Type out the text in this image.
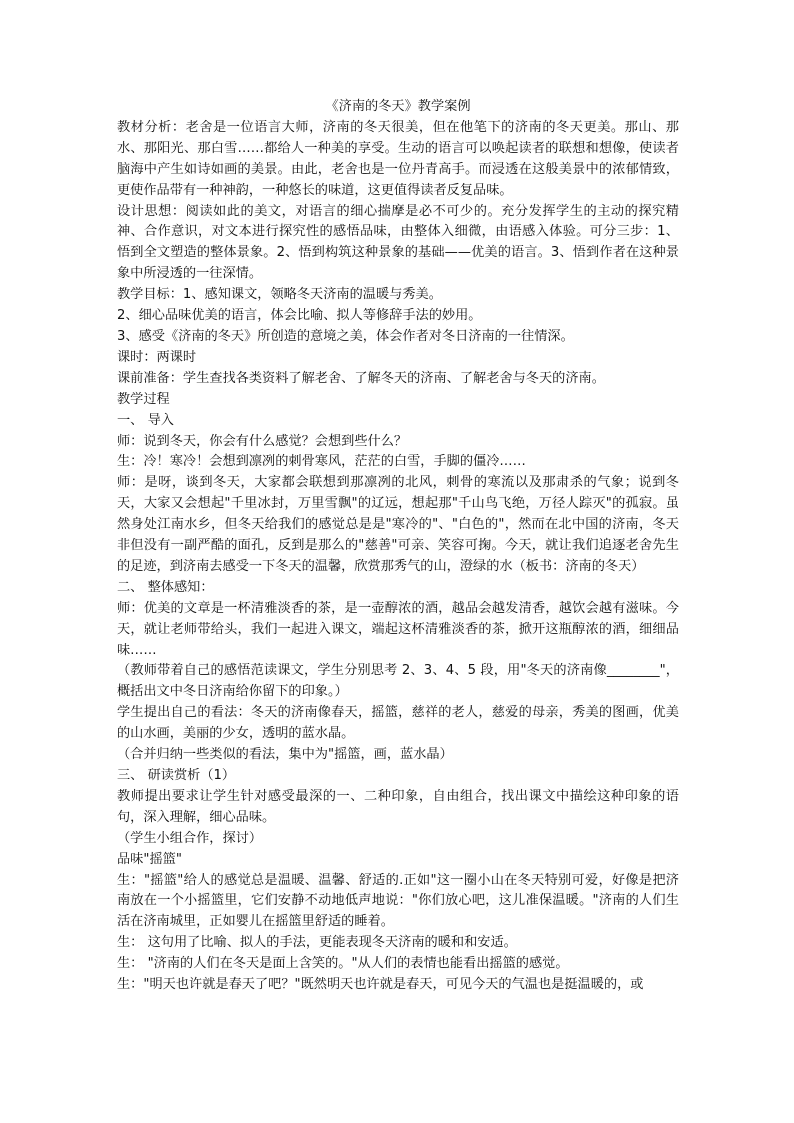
《济南的冬天》教学案例

教材分析：老舍是一位语言大师，济南的冬天很美，但在他笔下的济南的冬天更美。那山、那水、那阳光、那白雪……都给人一种美的享受。生动的语言可以唤起读者的联想和想像，使读者脑海中产生如诗如画的美景。由此，老舍也是一位丹青高手。而浸透在这般美景中的浓郁情致，更使作品带有一种神韵，一种悠长的味道，这更值得读者反复品味。

设计思想：阅读如此的美文，对语言的细心揣摩是必不可少的。充分发挥学生的主动的探究精神、合作意识，对文本进行探究性的感悟品味，由整体入细微，由语感入体验。可分三步：1、悟到全文塑造的整体景象。2、悟到构筑这种景象的基础——优美的语言。3、悟到作者在这种景象中所浸透的一往深情。

教学目标：1、感知课文，领略冬天济南的温暖与秀美。

2、细心品味优美的语言，体会比喻、拟人等修辞手法的妙用。

3、感受《济南的冬天》所创造的意境之美，体会作者对冬日济南的一往情深。

课时：两课时

课前准备：学生查找各类资料了解老舍、了解冬天的济南、了解老舍与冬天的济南。

教学过程

一、 导入

师：说到冬天，你会有什么感觉？会想到些什么？

生：冷！寒冷！会想到凛冽的刺骨寒风，茫茫的白雪，手脚的僵冷……

师：是呀，谈到冬天，大家都会联想到那凛冽的北风，刺骨的寒流以及那肃杀的气象；说到冬天，大家又会想起"千里冰封，万里雪飘"的辽远，想起那"千山鸟飞绝，万径人踪灭"的孤寂。虽然身处江南水乡，但冬天给我们的感觉总是是"寒冷的"、"白色的"，然而在北中国的济南，冬天非但没有一副严酷的面孔，反到是那么的"慈善"可亲、笑容可掬。今天，就让我们追逐老舍先生的足迹，到济南去感受一下冬天的温馨，欣赏那秀气的山，澄绿的水（板书：济南的冬天）

二、 整体感知：

师：优美的文章是一杯清雅淡香的茶，是一壶醇浓的酒，越品会越发清香，越饮会越有滋味。今天，就让老师带给头，我们一起进入课文，端起这杯清雅淡香的茶，掀开这瓶醇浓的酒，细细品味……

（教师带着自己的感悟范读课文，学生分别思考 2、3、4、5 段，用"冬天的济南像________"，概括出文中冬日济南给你留下的印象。）

学生提出自己的看法：冬天的济南像春天，摇篮，慈祥的老人，慈爱的母亲，秀美的图画，优美的山水画，美丽的少女，透明的蓝水晶。

（合并归纳一些类似的看法，集中为"摇篮，画，蓝水晶）

三、 研读赏析（1）

教师提出要求让学生针对感受最深的一、二种印象，自由组合，找出课文中描绘这种印象的语句，深入理解，细心品味。

（学生小组合作，探讨）

品味"摇篮"

生："摇篮"给人的感觉总是温暖、温馨、舒适的.正如"这一圈小山在冬天特别可爱，好像是把济南放在一个小摇篮里，它们安静不动地低声地说："你们放心吧，这儿准保温暖。"济南的人们生活在济南城里，正如婴儿在摇篮里舒适的睡着。

生： 这句用了比喻、拟人的手法，更能表现冬天济南的暖和和安适。

生： "济南的人们在冬天是面上含笑的。"从人们的表情也能看出摇篮的感觉。

生："明天也许就是春天了吧？"既然明天也许就是春天，可见今天的气温也是挺温暖的，或
